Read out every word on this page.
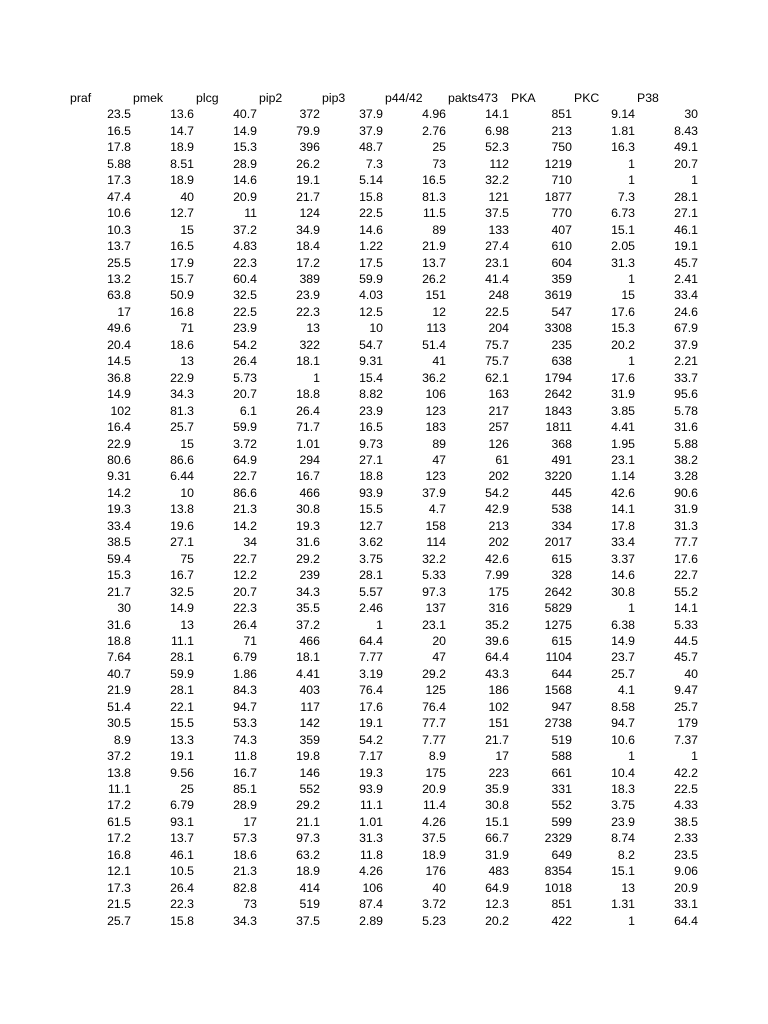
praf	pmek	plcg	pip2	pip3	p44/42	pakts473	PKA	PKC	P38
23.5	13.6	40.7	372	37.9	4.96	14.1	851	9.14	30
16.5	14.7	14.9	79.9	37.9	2.76	6.98	213	1.81	8.43
17.8	18.9	15.3	396	48.7	25	52.3	750	16.3	49.1
5.88	8.51	28.9	26.2	7.3	73	112	1219	1	20.7
17.3	18.9	14.6	19.1	5.14	16.5	32.2	710	1	1
47.4	40	20.9	21.7	15.8	81.3	121	1877	7.3	28.1
10.6	12.7	11	124	22.5	11.5	37.5	770	6.73	27.1
10.3	15	37.2	34.9	14.6	89	133	407	15.1	46.1
13.7	16.5	4.83	18.4	1.22	21.9	27.4	610	2.05	19.1
25.5	17.9	22.3	17.2	17.5	13.7	23.1	604	31.3	45.7
13.2	15.7	60.4	389	59.9	26.2	41.4	359	1	2.41
63.8	50.9	32.5	23.9	4.03	151	248	3619	15	33.4
17	16.8	22.5	22.3	12.5	12	22.5	547	17.6	24.6
49.6	71	23.9	13	10	113	204	3308	15.3	67.9
20.4	18.6	54.2	322	54.7	51.4	75.7	235	20.2	37.9
14.5	13	26.4	18.1	9.31	41	75.7	638	1	2.21
36.8	22.9	5.73	1	15.4	36.2	62.1	1794	17.6	33.7
14.9	34.3	20.7	18.8	8.82	106	163	2642	31.9	95.6
102	81.3	6.1	26.4	23.9	123	217	1843	3.85	5.78
16.4	25.7	59.9	71.7	16.5	183	257	1811	4.41	31.6
22.9	15	3.72	1.01	9.73	89	126	368	1.95	5.88
80.6	86.6	64.9	294	27.1	47	61	491	23.1	38.2
9.31	6.44	22.7	16.7	18.8	123	202	3220	1.14	3.28
14.2	10	86.6	466	93.9	37.9	54.2	445	42.6	90.6
19.3	13.8	21.3	30.8	15.5	4.7	42.9	538	14.1	31.9
33.4	19.6	14.2	19.3	12.7	158	213	334	17.8	31.3
38.5	27.1	34	31.6	3.62	114	202	2017	33.4	77.7
59.4	75	22.7	29.2	3.75	32.2	42.6	615	3.37	17.6
15.3	16.7	12.2	239	28.1	5.33	7.99	328	14.6	22.7
21.7	32.5	20.7	34.3	5.57	97.3	175	2642	30.8	55.2
30	14.9	22.3	35.5	2.46	137	316	5829	1	14.1
31.6	13	26.4	37.2	1	23.1	35.2	1275	6.38	5.33
18.8	11.1	71	466	64.4	20	39.6	615	14.9	44.5
7.64	28.1	6.79	18.1	7.77	47	64.4	1104	23.7	45.7
40.7	59.9	1.86	4.41	3.19	29.2	43.3	644	25.7	40
21.9	28.1	84.3	403	76.4	125	186	1568	4.1	9.47
51.4	22.1	94.7	117	17.6	76.4	102	947	8.58	25.7
30.5	15.5	53.3	142	19.1	77.7	151	2738	94.7	179
8.9	13.3	74.3	359	54.2	7.77	21.7	519	10.6	7.37
37.2	19.1	11.8	19.8	7.17	8.9	17	588	1	1
13.8	9.56	16.7	146	19.3	175	223	661	10.4	42.2
11.1	25	85.1	552	93.9	20.9	35.9	331	18.3	22.5
17.2	6.79	28.9	29.2	11.1	11.4	30.8	552	3.75	4.33
61.5	93.1	17	21.1	1.01	4.26	15.1	599	23.9	38.5
17.2	13.7	57.3	97.3	31.3	37.5	66.7	2329	8.74	2.33
16.8	46.1	18.6	63.2	11.8	18.9	31.9	649	8.2	23.5
12.1	10.5	21.3	18.9	4.26	176	483	8354	15.1	9.06
17.3	26.4	82.8	414	106	40	64.9	1018	13	20.9
21.5	22.3	73	519	87.4	3.72	12.3	851	1.31	33.1
25.7	15.8	34.3	37.5	2.89	5.23	20.2	422	1	64.4
